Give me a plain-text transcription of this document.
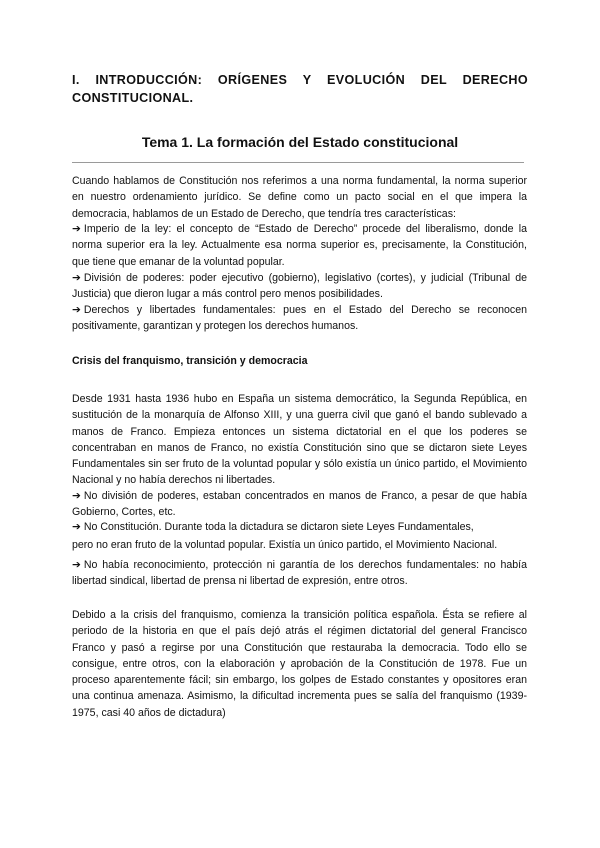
I. INTRODUCCIÓN: ORÍGENES Y EVOLUCIÓN DEL DERECHO CONSTITUCIONAL.
Tema 1. La formación del Estado constitucional

Cuando hablamos de Constitución nos referimos a una norma fundamental, la norma superior en nuestro ordenamiento jurídico. Se define como un pacto social en el que impera la democracia, hablamos de un Estado de Derecho, que tendría tres características:

➔ Imperio de la ley: el concepto de “Estado de Derecho” procede del liberalismo, donde la norma superior era la ley. Actualmente esa norma superior es, precisamente, la Constitución, que tiene que emanar de la voluntad popular.

➔ División de poderes: poder ejecutivo (gobierno), legislativo (cortes), y judicial (Tribunal de Justicia) que dieron lugar a más control pero menos posibilidades.

➔ Derechos y libertades fundamentales: pues en el Estado del Derecho se reconocen positivamente, garantizan y protegen los derechos humanos.

Crisis del franquismo, transición y democracia

Desde 1931 hasta 1936 hubo en España un sistema democrático, la Segunda República, en sustitución de la monarquía de Alfonso XIII, y una guerra civil que ganó el bando sublevado a manos de Franco. Empieza entonces un sistema dictatorial en el que los poderes se concentraban en manos de Franco, no existía Constitución sino que se dictaron siete Leyes Fundamentales sin ser fruto de la voluntad popular y sólo existía un único partido, el Movimiento Nacional y no había derechos ni libertades.

➔ No división de poderes, estaban concentrados en manos de Franco, a pesar de que había Gobierno, Cortes, etc.

➔ No Constitución. Durante toda la dictadura se dictaron siete Leyes Fundamentales,

pero no eran fruto de la voluntad popular. Existía un único partido, el Movimiento Nacional.

➔ No había reconocimiento, protección ni garantía de los derechos fundamentales: no había libertad sindical, libertad de prensa ni libertad de expresión, entre otros.

Debido a la crisis del franquismo, comienza la transición política española. Ésta se refiere al periodo de la historia en que el país dejó atrás el régimen dictatorial del general Francisco Franco y pasó a regirse por una Constitución que restauraba la democracia. Todo ello se consigue, entre otros, con la elaboración y aprobación de la Constitución de 1978. Fue un proceso aparentemente fácil; sin embargo, los golpes de Estado constantes y opositores eran una continua amenaza. Asimismo, la dificultad incrementa pues se salía del franquismo (1939-1975, casi 40 años de dictadura)
